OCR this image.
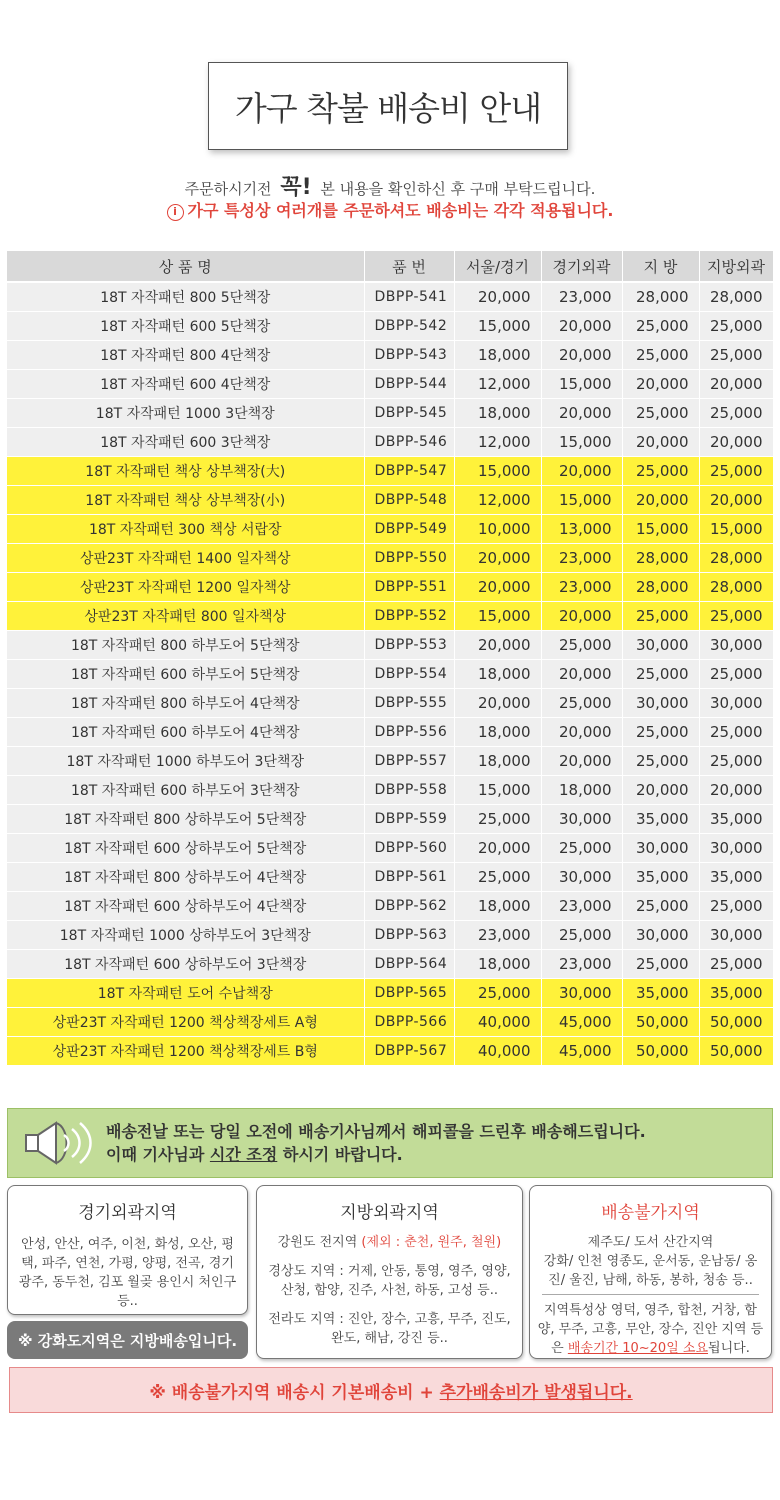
가구 착불 배송비 안내
주문하시기전 꼭! 본 내용을 확인하신 후 구매 부탁드립니다.
i 가구 특성상 여러개를 주문하셔도 배송비는 각각 적용됩니다.
상 품 명	품 번	서울/경기	경기외곽	지 방	지방외곽
18T 자작패턴 800 5단책장	DBPP-541	20,000	23,000	28,000	28,000
18T 자작패턴 600 5단책장	DBPP-542	15,000	20,000	25,000	25,000
18T 자작패턴 800 4단책장	DBPP-543	18,000	20,000	25,000	25,000
18T 자작패턴 600 4단책장	DBPP-544	12,000	15,000	20,000	20,000
18T 자작패턴 1000 3단책장	DBPP-545	18,000	20,000	25,000	25,000
18T 자작패턴 600 3단책장	DBPP-546	12,000	15,000	20,000	20,000
18T 자작패턴 책상 상부책장(大)	DBPP-547	15,000	20,000	25,000	25,000
18T 자작패턴 책상 상부책장(小)	DBPP-548	12,000	15,000	20,000	20,000
18T 자작패턴 300 책상 서랍장	DBPP-549	10,000	13,000	15,000	15,000
상판23T 자작패턴 1400 일자책상	DBPP-550	20,000	23,000	28,000	28,000
상판23T 자작패턴 1200 일자책상	DBPP-551	20,000	23,000	28,000	28,000
상판23T 자작패턴 800 일자책상	DBPP-552	15,000	20,000	25,000	25,000
18T 자작패턴 800 하부도어 5단책장	DBPP-553	20,000	25,000	30,000	30,000
18T 자작패턴 600 하부도어 5단책장	DBPP-554	18,000	20,000	25,000	25,000
18T 자작패턴 800 하부도어 4단책장	DBPP-555	20,000	25,000	30,000	30,000
18T 자작패턴 600 하부도어 4단책장	DBPP-556	18,000	20,000	25,000	25,000
18T 자작패턴 1000 하부도어 3단책장	DBPP-557	18,000	20,000	25,000	25,000
18T 자작패턴 600 하부도어 3단책장	DBPP-558	15,000	18,000	20,000	20,000
18T 자작패턴 800 상하부도어 5단책장	DBPP-559	25,000	30,000	35,000	35,000
18T 자작패턴 600 상하부도어 5단책장	DBPP-560	20,000	25,000	30,000	30,000
18T 자작패턴 800 상하부도어 4단책장	DBPP-561	25,000	30,000	35,000	35,000
18T 자작패턴 600 상하부도어 4단책장	DBPP-562	18,000	23,000	25,000	25,000
18T 자작패턴 1000 상하부도어 3단책장	DBPP-563	23,000	25,000	30,000	30,000
18T 자작패턴 600 상하부도어 3단책장	DBPP-564	18,000	23,000	25,000	25,000
18T 자작패턴 도어 수납책장	DBPP-565	25,000	30,000	35,000	35,000
상판23T 자작패턴 1200 책상책장세트 A형	DBPP-566	40,000	45,000	50,000	50,000
상판23T 자작패턴 1200 책상책장세트 B형	DBPP-567	40,000	45,000	50,000	50,000
배송전날 또는 당일 오전에 배송기사님께서 해피콜을 드린후 배송해드립니다.
이때 기사님과 시간 조정 하시기 바랍니다.
경기외곽지역

안성, 안산, 여주, 이천, 화성, 오산, 평택, 파주, 연천, 가평, 양평, 전곡, 경기광주, 동두천, 김포 월곶 용인시 처인구 등..

※ 강화도지역은 지방배송입니다.
지방외곽지역

강원도 전지역 (제외 : 춘천, 원주, 철원)

경상도 지역 : 거제, 안동, 통영, 영주, 영양, 산청, 함양, 진주, 사천, 하동, 고성 등..

전라도 지역 : 진안, 장수, 고흥, 무주, 진도, 완도, 해남, 강진 등..

배송불가지역

제주도/ 도서 산간지역

강화/ 인천 영종도, 운서동, 운남동/ 옹진/ 울진, 남해, 하동, 봉하, 청송 등..

지역특성상 영덕, 영주, 합천, 거창, 함양, 무주, 고흥, 무안, 장수, 진안 지역 등은 배송기간 10~20일 소요됩니다.

※ 배송불가지역 배송시 기본배송비 +
추가배송비가 발생됩니다.
